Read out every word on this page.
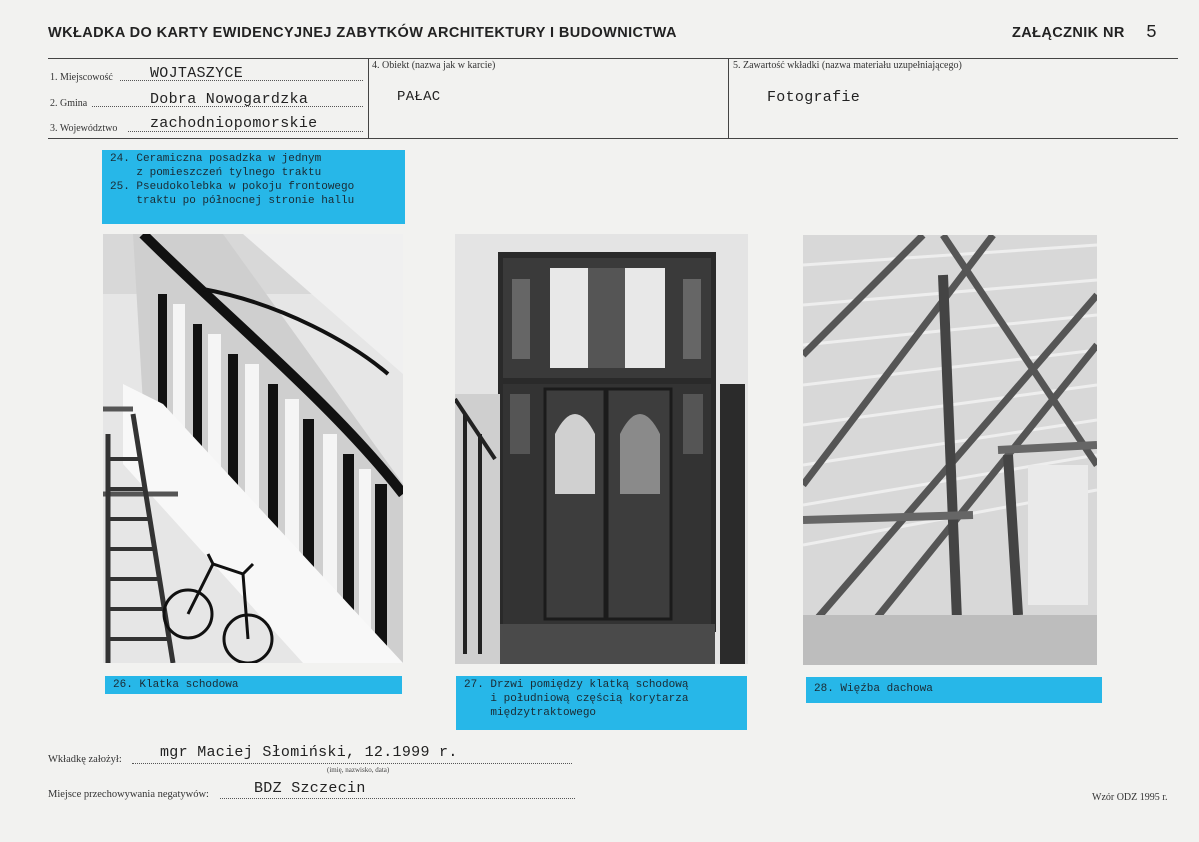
WKŁADKA DO KARTY EWIDENCYJNEJ ZABYTKÓW ARCHITEKTURY I BUDOWNICTWA	ZAŁĄCZNIK NR 5
1. Miejscowość WOJTASZYCE
2. Gmina	Dobra Nowogardzka
3. Województwo zachodniopomorskie
4. Obiekt (nazwa jak w karcie)
PAŁAC
5. Zawartość wkładki (nazwa materiału uzupełniającego)
Fotografie
24. Ceramiczna posadzka w jednym
z pomieszczeń tylnego traktu
25. Pseudokolebka w pokoju frontowego
traktu po północnej stronie hallu
26. Klatka schodowa	27. Drzwi pomiędzy klatką schodową
i południową częścią korytarza
międzytraktowego
28. Więźba dachowa
Wkładkę założył:	mgr Maciej Słomiński, 12.1999 r.
(imię, nazwisko, data)
Miejsce przechowywania negatywów:	BDZ Szczecin
Wzór ODZ 1995 r.
